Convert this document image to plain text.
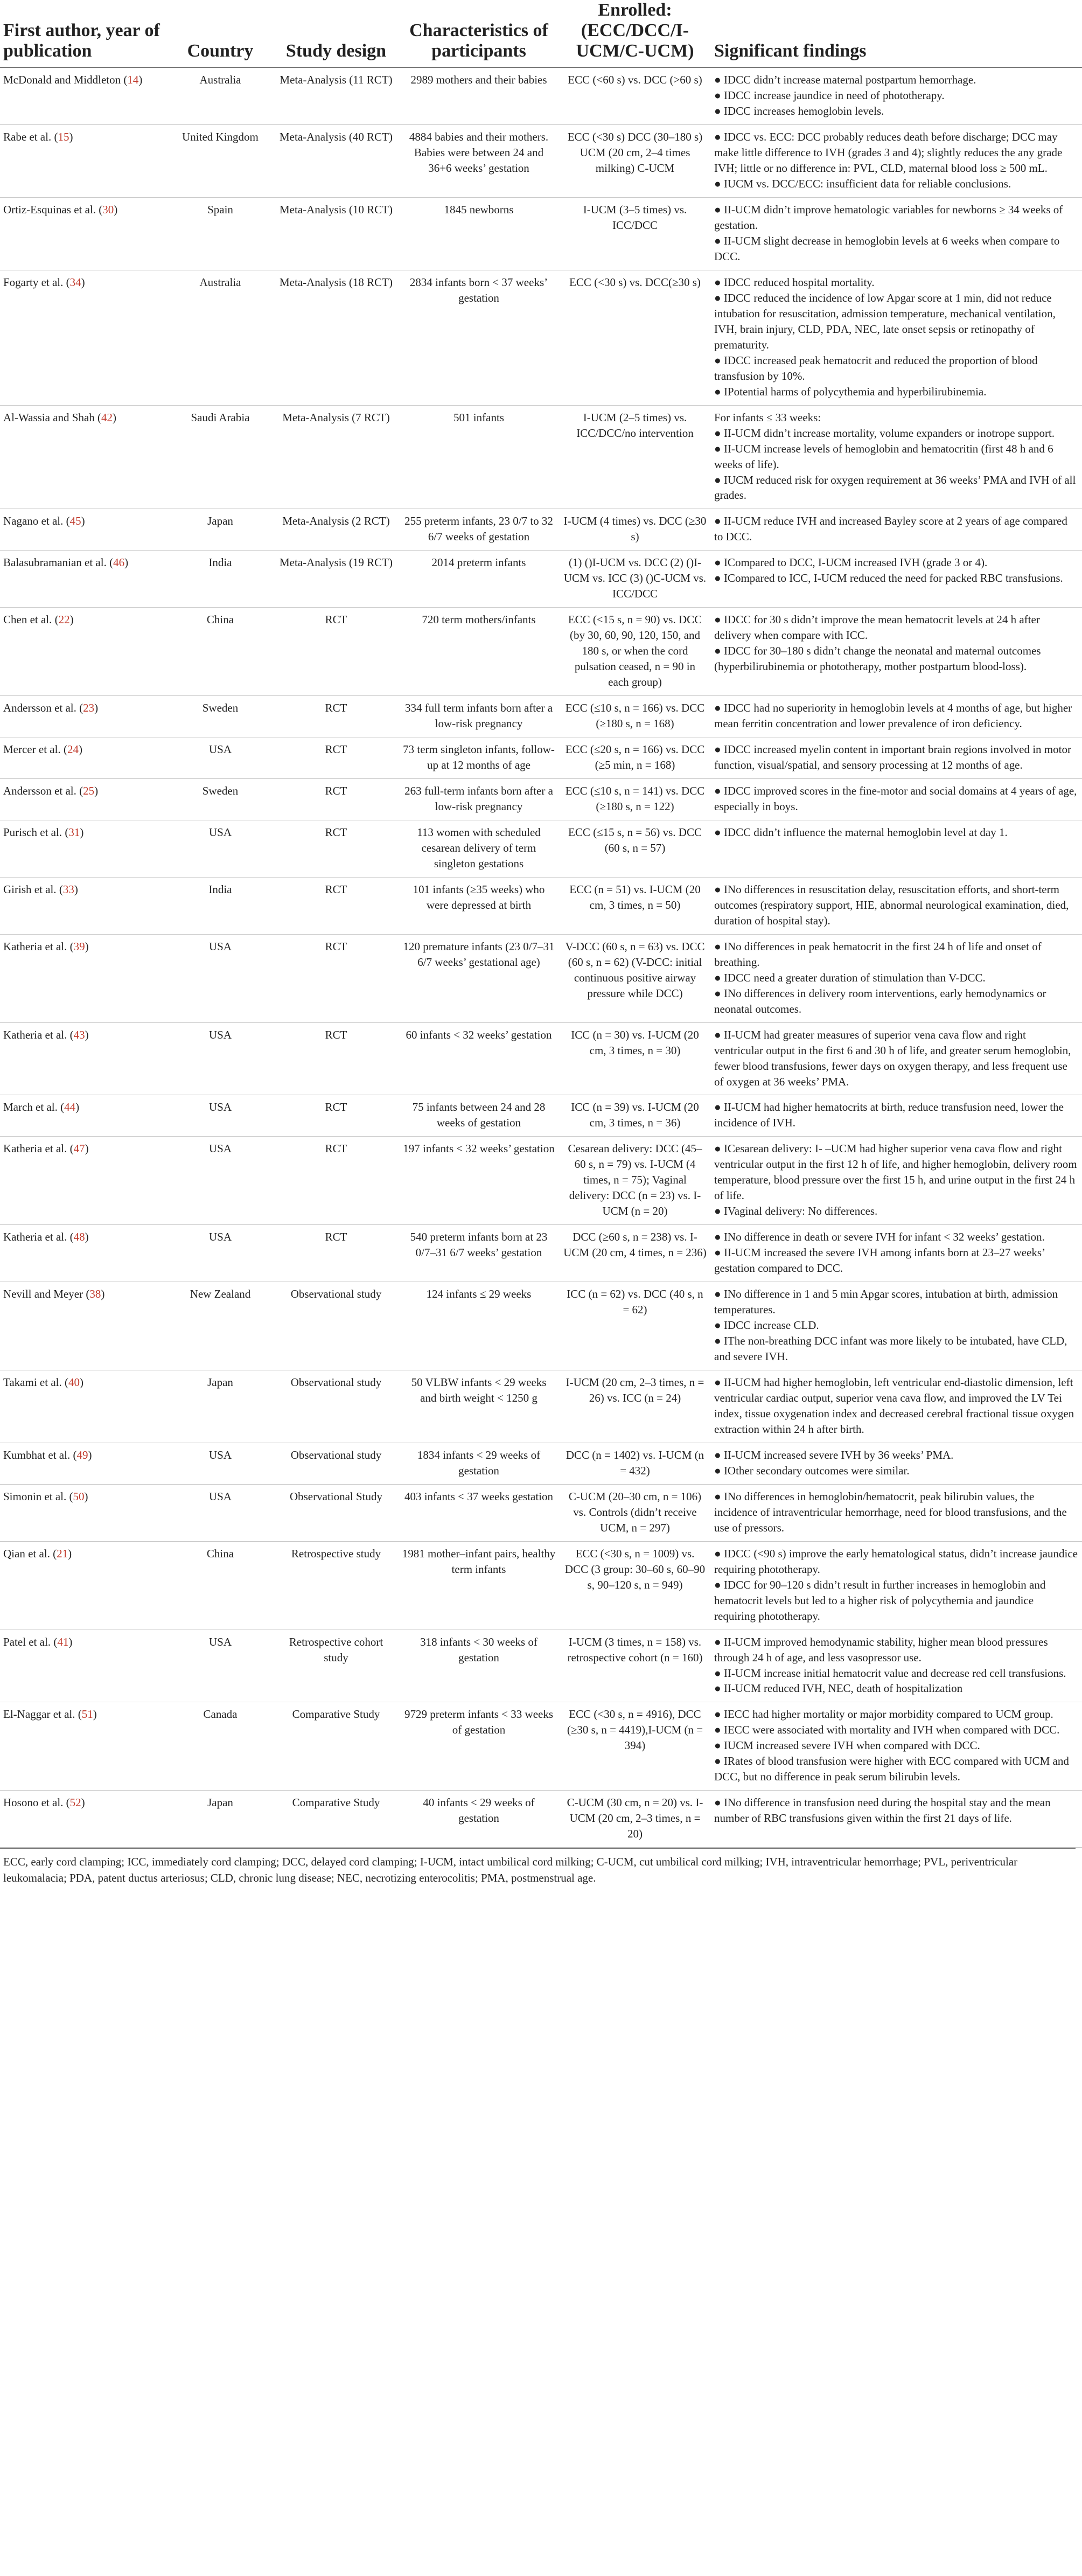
First author, year of publication	Country	Study design	Characteristics of participants	Enrolled: (ECC/DCC/I-UCM/C-UCM)	Significant findings
McDonald and Middleton (14)	Australia	Meta-Analysis (11 RCT)	2989 mothers and their babies	ECC (<60 s) vs. DCC (>60 s)	● IDCC didn’t increase maternal postpartum hemorrhage.
● IDCC increase jaundice in need of phototherapy.
● IDCC increases hemoglobin levels.

Rabe et al. (15)	United Kingdom	Meta-Analysis (40 RCT)	4884 babies and their mothers. Babies were between 24 and 36+6 weeks’ gestation	ECC (<30 s) DCC (30–180 s) UCM (20 cm, 2–4 times milking) C-UCM	● IDCC vs. ECC: DCC probably reduces death before discharge; DCC may make little difference to IVH (grades 3 and 4); slightly reduces the any grade IVH; little or no difference in: PVL, CLD, maternal blood loss ≥ 500 mL.
● IUCM vs. DCC/ECC: insufficient data for reliable conclusions.

Ortiz-Esquinas et al. (30)	Spain	Meta-Analysis (10 RCT)	1845 newborns	I-UCM (3–5 times) vs. ICC/DCC	● II-UCM didn’t improve hematologic variables for newborns ≥ 34 weeks of gestation.
● II-UCM slight decrease in hemoglobin levels at 6 weeks when compare to DCC.

Fogarty et al. (34)	Australia	Meta-Analysis (18 RCT)	2834 infants born < 37 weeks’ gestation	ECC (<30 s) vs. DCC(≥30 s)	● IDCC reduced hospital mortality.
● IDCC reduced the incidence of low Apgar score at 1 min, did not reduce intubation for resuscitation, admission temperature, mechanical ventilation, IVH, brain injury, CLD, PDA, NEC, late onset sepsis or retinopathy of prematurity.
● IDCC increased peak hematocrit and reduced the proportion of blood transfusion by 10%.
● IPotential harms of polycythemia and hyperbilirubinemia.

Al-Wassia and Shah (42)	Saudi Arabia	Meta-Analysis (7 RCT)	501 infants	I-UCM (2–5 times) vs. ICC/DCC/no intervention	For infants ≤ 33 weeks:
● II-UCM didn’t increase mortality, volume expanders or inotrope support.
● II-UCM increase levels of hemoglobin and hematocritin (first 48 h and 6 weeks of life).
● IUCM reduced risk for oxygen requirement at 36 weeks’ PMA and IVH of all grades.

Nagano et al. (45)	Japan	Meta-Analysis (2 RCT)	255 preterm infants, 23 0/7 to 32 6/7 weeks of gestation	I-UCM (4 times) vs. DCC (≥30 s)	● II-UCM reduce IVH and increased Bayley score at 2 years of age compared to DCC.

Balasubramanian et al. (46)	India	Meta-Analysis (19 RCT)	2014 preterm infants	(1) ()I-UCM vs. DCC (2) ()I-UCM vs. ICC (3) ()C-UCM vs. ICC/DCC	● ICompared to DCC, I-UCM increased IVH (grade 3 or 4).
● ICompared to ICC, I-UCM reduced the need for packed RBC transfusions.

Chen et al. (22)	China	RCT	720 term mothers/infants	ECC (<15 s, n = 90) vs. DCC (by 30, 60, 90, 120, 150, and 180 s, or when the cord pulsation ceased, n = 90 in each group)	● IDCC for 30 s didn’t improve the mean hematocrit levels at 24 h after delivery when compare with ICC.
● IDCC for 30–180 s didn’t change the neonatal and maternal outcomes (hyperbilirubinemia or phototherapy, mother postpartum blood-loss).

Andersson et al. (23)	Sweden	RCT	334 full term infants born after a low-risk pregnancy	ECC (≤10 s, n = 166) vs. DCC (≥180 s, n = 168)	● IDCC had no superiority in hemoglobin levels at 4 months of age, but higher mean ferritin concentration and lower prevalence of iron deficiency.

Mercer et al. (24)	USA	RCT	73 term singleton infants, follow-up at 12 months of age	ECC (≤20 s, n = 166) vs. DCC (≥5 min, n = 168)	● IDCC increased myelin content in important brain regions involved in motor function, visual/spatial, and sensory processing at 12 months of age.

Andersson et al. (25)	Sweden	RCT	263 full-term infants born after a low-risk pregnancy	ECC (≤10 s, n = 141) vs. DCC (≥180 s, n = 122)	● IDCC improved scores in the fine-motor and social domains at 4 years of age, especially in boys.

Purisch et al. (31)	USA	RCT	113 women with scheduled cesarean delivery of term singleton gestations	ECC (≤15 s, n = 56) vs. DCC (60 s, n = 57)	● IDCC didn’t influence the maternal hemoglobin level at day 1.

Girish et al. (33)	India	RCT	101 infants (≥35 weeks) who were depressed at birth	ECC (n = 51) vs. I-UCM (20 cm, 3 times, n = 50)	● INo differences in resuscitation delay, resuscitation efforts, and short-term outcomes (respiratory support, HIE, abnormal neurological examination, died, duration of hospital stay).

Katheria et al. (39)	USA	RCT	120 premature infants (23 0/7–31 6/7 weeks’ gestational age)	V-DCC (60 s, n = 63) vs. DCC (60 s, n = 62) (V-DCC: initial continuous positive airway pressure while DCC)	● INo differences in peak hematocrit in the first 24 h of life and onset of breathing.
● IDCC need a greater duration of stimulation than V-DCC.
● INo differences in delivery room interventions, early hemodynamics or neonatal outcomes.

Katheria et al. (43)	USA	RCT	60 infants < 32 weeks’ gestation	ICC (n = 30) vs. I-UCM (20 cm, 3 times, n = 30)	● II-UCM had greater measures of superior vena cava flow and right ventricular output in the first 6 and 30 h of life, and greater serum hemoglobin, fewer blood transfusions, fewer days on oxygen therapy, and less frequent use of oxygen at 36 weeks’ PMA.

March et al. (44)	USA	RCT	75 infants between 24 and 28 weeks of gestation	ICC (n = 39) vs. I-UCM (20 cm, 3 times, n = 36)	● II-UCM had higher hematocrits at birth, reduce transfusion need, lower the incidence of IVH.

Katheria et al. (47)	USA	RCT	197 infants < 32 weeks’ gestation	Cesarean delivery: DCC (45–60 s, n = 79) vs. I-UCM (4 times, n = 75); Vaginal delivery: DCC (n = 23) vs. I-UCM (n = 20)	● ICesarean delivery: I- –UCM had higher superior vena cava flow and right ventricular output in the first 12 h of life, and higher hemoglobin, delivery room temperature, blood pressure over the first 15 h, and urine output in the first 24 h of life.
● IVaginal delivery: No differences.

Katheria et al. (48)	USA	RCT	540 preterm infants born at 23 0/7–31 6/7 weeks’ gestation	DCC (≥60 s, n = 238) vs. I-UCM (20 cm, 4 times, n = 236)	● INo difference in death or severe IVH for infant < 32 weeks’ gestation.
● II-UCM increased the severe IVH among infants born at 23–27 weeks’ gestation compared to DCC.

Nevill and Meyer (38)	New Zealand	Observational study	124 infants ≤ 29 weeks	ICC (n = 62) vs. DCC (40 s, n = 62)	● INo difference in 1 and 5 min Apgar scores, intubation at birth, admission temperatures.
● IDCC increase CLD.
● IThe non-breathing DCC infant was more likely to be intubated, have CLD, and severe IVH.

Takami et al. (40)	Japan	Observational study	50 VLBW infants < 29 weeks and birth weight < 1250 g	I-UCM (20 cm, 2–3 times, n = 26) vs. ICC (n = 24)	● II-UCM had higher hemoglobin, left ventricular end-diastolic dimension, left ventricular cardiac output, superior vena cava flow, and improved the LV Tei index, tissue oxygenation index and decreased cerebral fractional tissue oxygen extraction within 24 h after birth.

Kumbhat et al. (49)	USA	Observational study	1834 infants < 29 weeks of gestation	DCC (n = 1402) vs. I-UCM (n = 432)	● II-UCM increased severe IVH by 36 weeks’ PMA.
● IOther secondary outcomes were similar.

Simonin et al. (50)	USA	Observational Study	403 infants < 37 weeks gestation	C-UCM (20–30 cm, n = 106) vs. Controls (didn’t receive UCM, n = 297)	● INo differences in hemoglobin/hematocrit, peak bilirubin values, the incidence of intraventricular hemorrhage, need for blood transfusions, and the use of pressors.

Qian et al. (21)	China	Retrospective study	1981 mother–infant pairs, healthy term infants	ECC (<30 s, n = 1009) vs. DCC (3 group: 30–60 s, 60–90 s, 90–120 s, n = 949)	● IDCC (<90 s) improve the early hematological status, didn’t increase jaundice requiring phototherapy.
● IDCC for 90–120 s didn’t result in further increases in hemoglobin and hematocrit levels but led to a higher risk of polycythemia and jaundice requiring phototherapy.

Patel et al. (41)	USA	Retrospective cohort study	318 infants < 30 weeks of gestation	I-UCM (3 times, n = 158) vs. retrospective cohort (n = 160)	● II-UCM improved hemodynamic stability, higher mean blood pressures through 24 h of age, and less vasopressor use.
● II-UCM increase initial hematocrit value and decrease red cell transfusions.
● II-UCM reduced IVH, NEC, death of hospitalization

El-Naggar et al. (51)	Canada	Comparative Study	9729 preterm infants < 33 weeks of gestation	ECC (<30 s, n = 4916), DCC (≥30 s, n = 4419),I-UCM (n = 394)	● IECC had higher mortality or major morbidity compared to UCM group.
● IECC were associated with mortality and IVH when compared with DCC.
● IUCM increased severe IVH when compared with DCC.
● IRates of blood transfusion were higher with ECC compared with UCM and DCC, but no difference in peak serum bilirubin levels.

Hosono et al. (52)	Japan	Comparative Study	40 infants < 29 weeks of gestation	C-UCM (30 cm, n = 20) vs. I-UCM (20 cm, 2–3 times, n = 20)	● INo difference in transfusion need during the hospital stay and the mean number of RBC transfusions given within the first 21 days of life.
ECC, early cord clamping; ICC, immediately cord clamping; DCC, delayed cord clamping; I-UCM, intact umbilical cord milking; C-UCM, cut umbilical cord milking; IVH, intraventricular hemorrhage; PVL, periventricular leukomalacia; PDA, patent ductus arteriosus; CLD, chronic lung disease; NEC, necrotizing enterocolitis; PMA, postmenstrual age.
